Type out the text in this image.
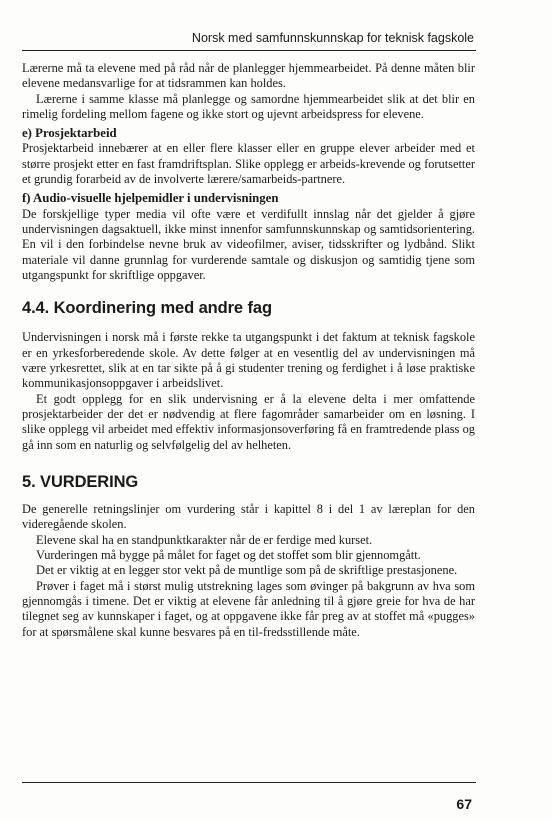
Norsk med samfunnskunnskap for teknisk fagskole

Lærerne må ta elevene med på råd når de planlegger hjemmearbeidet. På denne måten blir elevene medansvarlige for at tidsrammen kan holdes.

Lærerne i samme klasse må planlegge og samordne hjemmearbeidet slik at det blir en rimelig fordeling mellom fagene og ikke stort og ujevnt arbeidspress for elevene.

e) Prosjektarbeid

Prosjektarbeid innebærer at en eller flere klasser eller en gruppe elever arbeider med et større prosjekt etter en fast framdriftsplan. Slike opplegg er arbeids-krevende og forutsetter et grundig forarbeid av de involverte lærere/samarbeids-partnere.

f) Audio-visuelle hjelpemidler i undervisningen

De forskjellige typer media vil ofte være et verdifullt innslag når det gjelder å gjøre undervisningen dagsaktuell, ikke minst innenfor samfunnskunnskap og samtidsorientering. En vil i den forbindelse nevne bruk av videofilmer, aviser, tidsskrifter og lydbånd. Slikt materiale vil danne grunnlag for vurderende samtale og diskusjon og samtidig tjene som utgangspunkt for skriftlige oppgaver.

4.4. Koordinering med andre fag

Undervisningen i norsk må i første rekke ta utgangspunkt i det faktum at teknisk fagskole er en yrkesforberedende skole. Av dette følger at en vesentlig del av undervisningen må være yrkesrettet, slik at en tar sikte på å gi studenter trening og ferdighet i å løse praktiske kommunikasjonsoppgaver i arbeidslivet.

Et godt opplegg for en slik undervisning er å la elevene delta i mer omfattende prosjektarbeider der det er nødvendig at flere fagområder samarbeider om en løsning. I slike opplegg vil arbeidet med effektiv informasjonsoverføring få en framtredende plass og gå inn som en naturlig og selvfølgelig del av helheten.

5. VURDERING

De generelle retningslinjer om vurdering står i kapittel 8 i del 1 av læreplan for den videregående skolen.

Elevene skal ha en standpunktkarakter når de er ferdige med kurset.

Vurderingen må bygge på målet for faget og det stoffet som blir gjennomgått.

Det er viktig at en legger stor vekt på de muntlige som på de skriftlige prestasjonene.

Prøver i faget må i størst mulig utstrekning lages som øvinger på bakgrunn av hva som gjennomgås i timene. Det er viktig at elevene får anledning til å gjøre greie for hva de har tilegnet seg av kunnskaper i faget, og at oppgavene ikke får preg av at stoffet må «pugges» for at spørsmålene skal kunne besvares på en til-fredsstillende måte.

67
